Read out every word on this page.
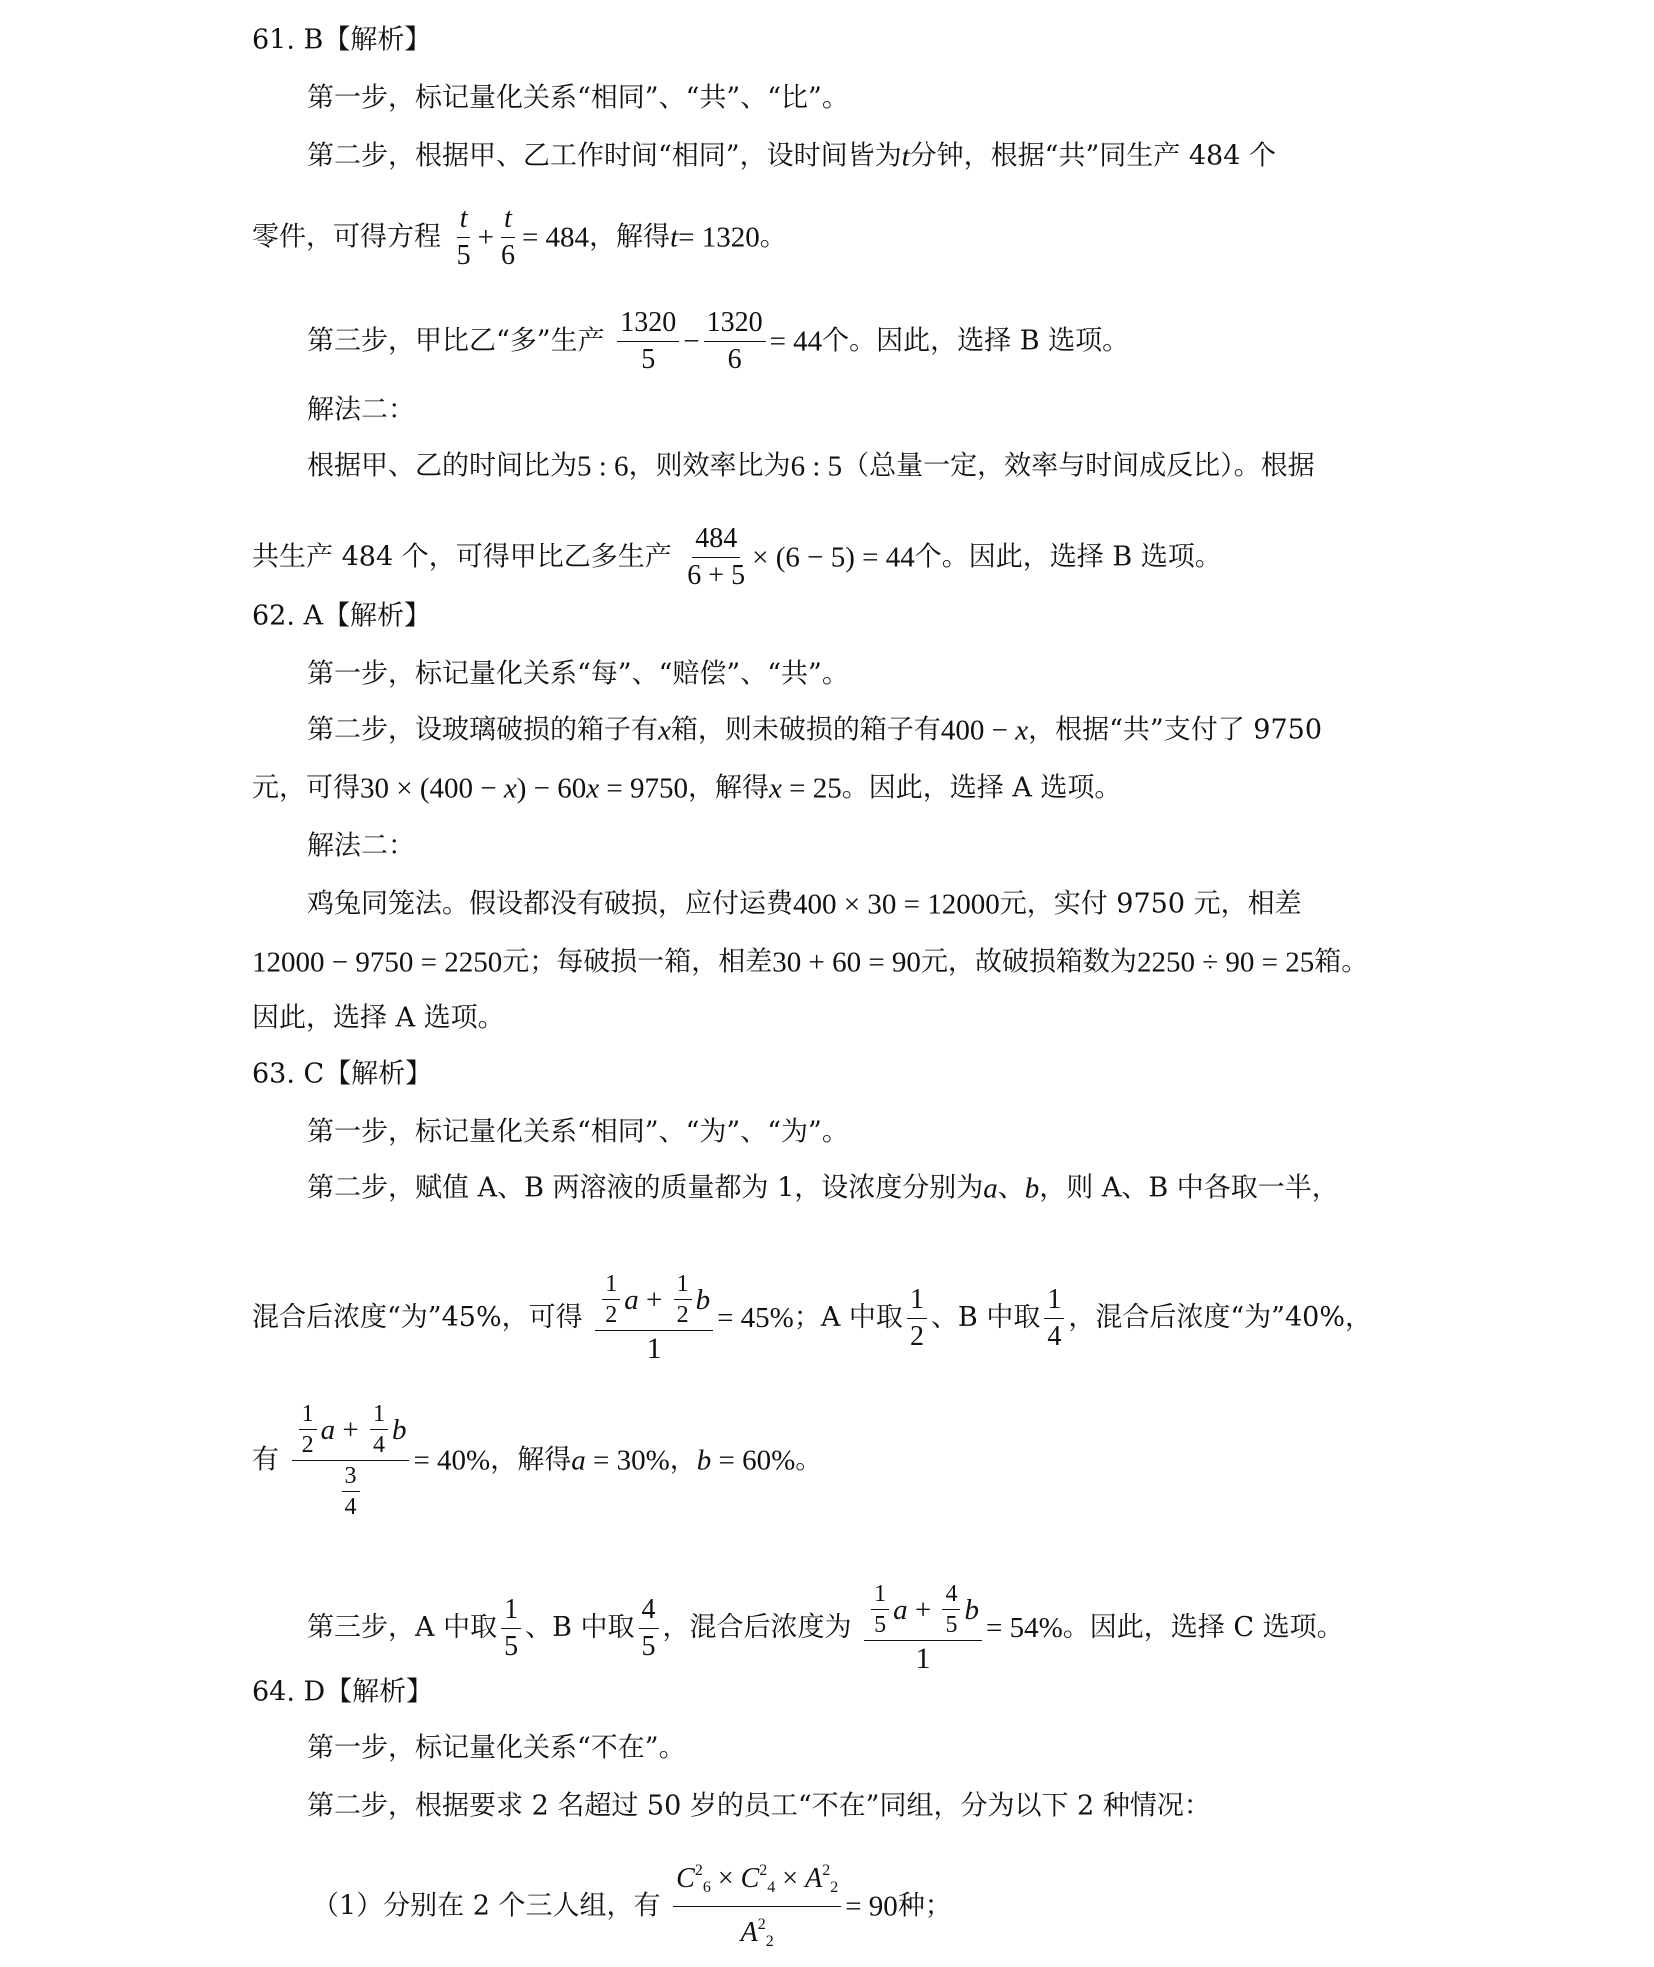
61. B【解析】
第一步，标记量化关系“相同”、“共”、“比”。
第二步，根据甲、乙工作时间“相同”，设时间皆为t分钟，根据“共”同生产 484 个
零件，可得方程 $\frac{t}{5} + \frac{t}{6} = 484$，解得t= 1320。
第三步，甲比乙“多”生产 $\frac{1320}{5} - \frac{1320}{6} = 44$个。因此，选择 B 选项。
解法二：
根据甲、乙的时间比为5 : 6，则效率比为6 : 5（总量一定，效率与时间成反比）。根据
共生产 484 个，可得甲比乙多生产 $\frac{484}{6 + 5} \times (6 - 5) = 44$个。因此，选择 B 选项。
62. A【解析】
第一步，标记量化关系“每”、“赔偿”、“共”。
第二步，设玻璃破损的箱子有x箱，则未破损的箱子有400 − x，根据“共”支付了 9750
元，可得30 × (400 − x) − 60x = 9750，解得x = 25。因此，选择 A 选项。
解法二：
鸡兔同笼法。假设都没有破损，应付运费400 × 30 = 12000元，实付 9750 元，相差
12000 − 9750 = 2250元；每破损一箱，相差30 + 60 = 90元，故破损箱数为2250 ÷ 90 = 25箱。
因此，选择 A 选项。
63. C【解析】
第一步，标记量化关系“相同”、“为”、“为”。
第二步，赋值 A、B 两溶液的质量都为 1，设浓度分别为a、b，则 A、B 中各取一半，
混合后浓度“为”45%，可得 $\frac{\frac{1}{2} a + \frac{1}{2} b}{1} = 45\%$；A 中取 $\frac{1}{2}$ 、B 中取 $\frac{1}{4}$ ，混合后浓度“为”40%，
有 $\frac{\frac{1}{2} a + \frac{1}{4} b}{\frac{3}{4}} = 40\%$，解得a = 30%，b = 60%。
第三步，A 中取 $\frac{1}{5}$ 、B 中取 $\frac{4}{5}$ ，混合后浓度为 $\frac{\frac{1}{5} a + \frac{4}{5} b}{1} = 54\%$。因此，选择 C 选项。
64. D【解析】
第一步，标记量化关系“不在”。
第二步，根据要求 2 名超过 50 岁的员工“不在”同组，分为以下 2 种情况：
（1）分别在 2 个三人组，有 $\frac{C^2_6 \times C^2_4 \times A^2_2}{A^2_2} = 90$种；
